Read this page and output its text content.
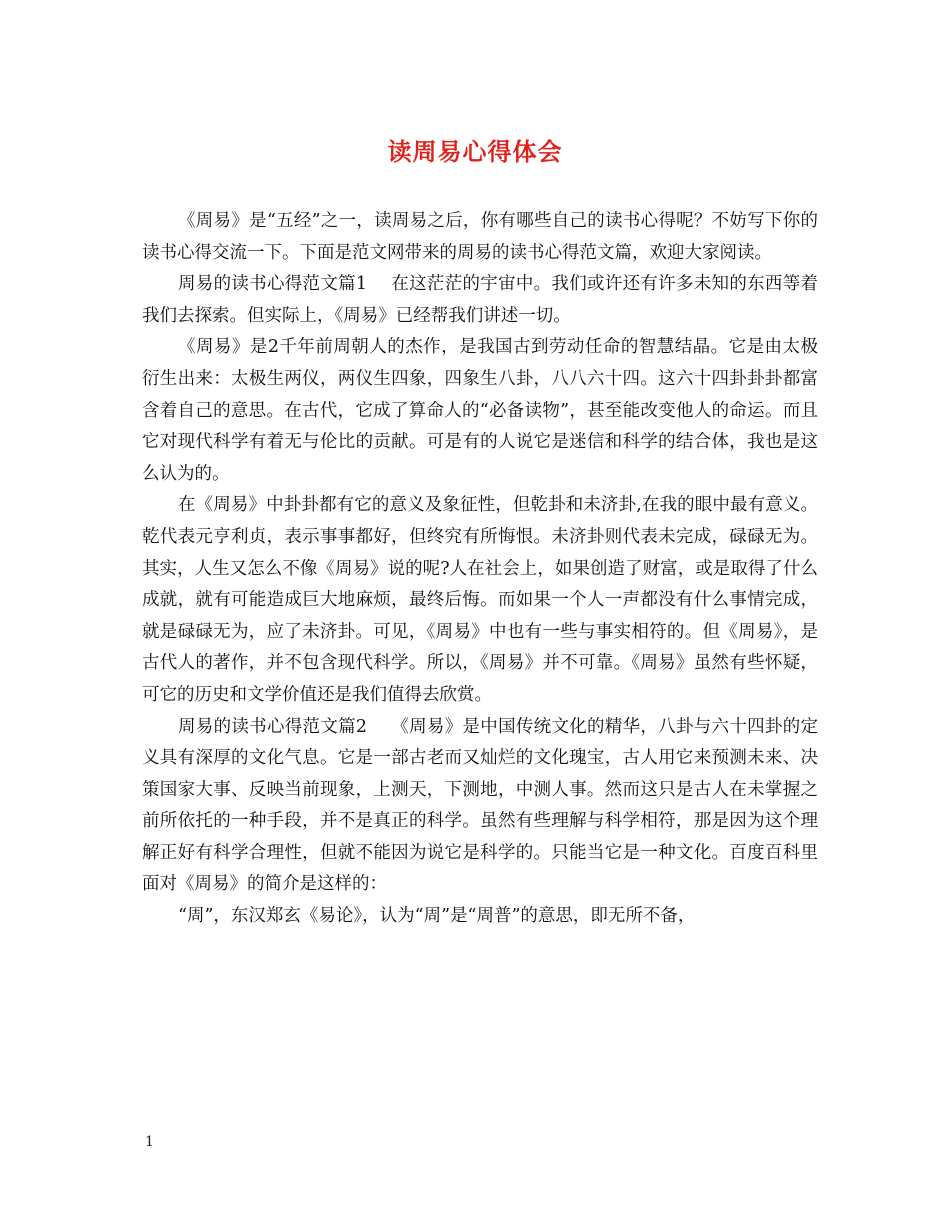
读周易心得体会

《周易》是“五经”之一，读周易之后，你有哪些自己的读书心得呢？不妨写下你的读书心得交流一下。下面是范文网带来的周易的读书心得范文篇，欢迎大家阅读。

周易的读书心得范文篇1 在这茫茫的宇宙中。我们或许还有许多未知的东西等着我们去探索。但实际上，《周易》已经帮我们讲述一切。

《周易》是2千年前周朝人的杰作，是我国古到劳动任命的智慧结晶。它是由太极衍生出来：太极生两仪，两仪生四象，四象生八卦，八八六十四。这六十四卦卦卦都富含着自己的意思。在古代，它成了算命人的“必备读物”，甚至能改变他人的命运。而且它对现代科学有着无与伦比的贡献。可是有的人说它是迷信和科学的结合体，我也是这么认为的。

在《周易》中卦卦都有它的意义及象征性，但乾卦和未济卦,在我的眼中最有意义。乾代表元亨利贞，表示事事都好，但终究有所悔恨。未济卦则代表未完成，碌碌无为。其实，人生又怎么不像《周易》说的呢?人在社会上，如果创造了财富，或是取得了什么成就，就有可能造成巨大地麻烦，最终后悔。而如果一个人一声都没有什么事情完成，就是碌碌无为，应了未济卦。可见，《周易》中也有一些与事实相符的。但《周易》，是古代人的著作，并不包含现代科学。所以，《周易》并不可靠。《周易》虽然有些怀疑，可它的历史和文学价值还是我们值得去欣赏。

周易的读书心得范文篇2 《周易》是中国传统文化的精华，八卦与六十四卦的定义具有深厚的文化气息。它是一部古老而又灿烂的文化瑰宝，古人用它来预测未来、决策国家大事、反映当前现象，上测天，下测地，中测人事。然而这只是古人在未掌握之前所依托的一种手段，并不是真正的科学。虽然有些理解与科学相符，那是因为这个理解正好有科学合理性，但就不能因为说它是科学的。只能当它是一种文化。百度百科里面对《周易》的简介是这样的：

“周”，东汉郑玄《易论》，认为“周”是“周普”的意思，即无所不备，

1
